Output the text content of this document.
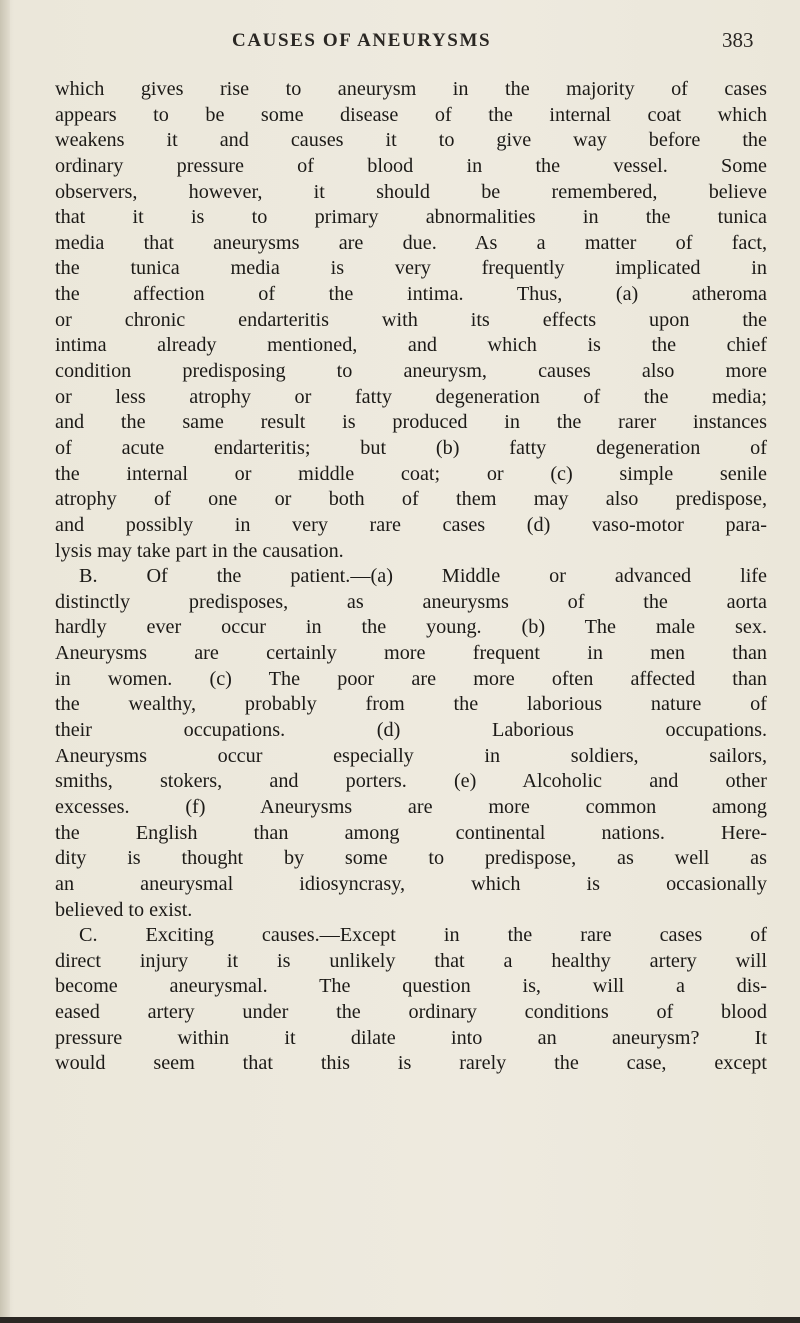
CAUSES OF ANEURYSMS	383
which gives rise to aneurysm in the majority of cases
appears to be some disease of the internal coat which
weakens it and causes it to give way before the
ordinary pressure of blood in the vessel. Some
observers, however, it should be remembered, believe
that it is to primary abnormalities in the tunica
media that aneurysms are due. As a matter of fact,
the tunica media is very frequently implicated in
the affection of the intima. Thus, (a) atheroma
or chronic endarteritis with its effects upon the
intima already mentioned, and which is the chief
condition predisposing to aneurysm, causes also more
or less atrophy or fatty degeneration of the media;
and the same result is produced in the rarer instances
of acute endarteritis; but (b) fatty degeneration of
the internal or middle coat; or (c) simple senile
atrophy of one or both of them may also predispose,
and possibly in very rare cases (d) vaso-motor para-
lysis may take part in the causation.
B. Of the patient.—(a) Middle or advanced life
distinctly predisposes, as aneurysms of the aorta
hardly ever occur in the young. (b) The male sex.
Aneurysms are certainly more frequent in men than
in women. (c) The poor are more often affected than
the wealthy, probably from the laborious nature of
their occupations. (d) Laborious occupations.
Aneurysms occur especially in soldiers, sailors,
smiths, stokers, and porters. (e) Alcoholic and other
excesses. (f) Aneurysms are more common among
the English than among continental nations. Here-
dity is thought by some to predispose, as well as
an aneurysmal idiosyncrasy, which is occasionally
believed to exist.
C. Exciting causes.—Except in the rare cases of
direct injury it is unlikely that a healthy artery will
become aneurysmal. The question is, will a dis-
eased artery under the ordinary conditions of blood
pressure within it dilate into an aneurysm? It
would seem that this is rarely the case, except
